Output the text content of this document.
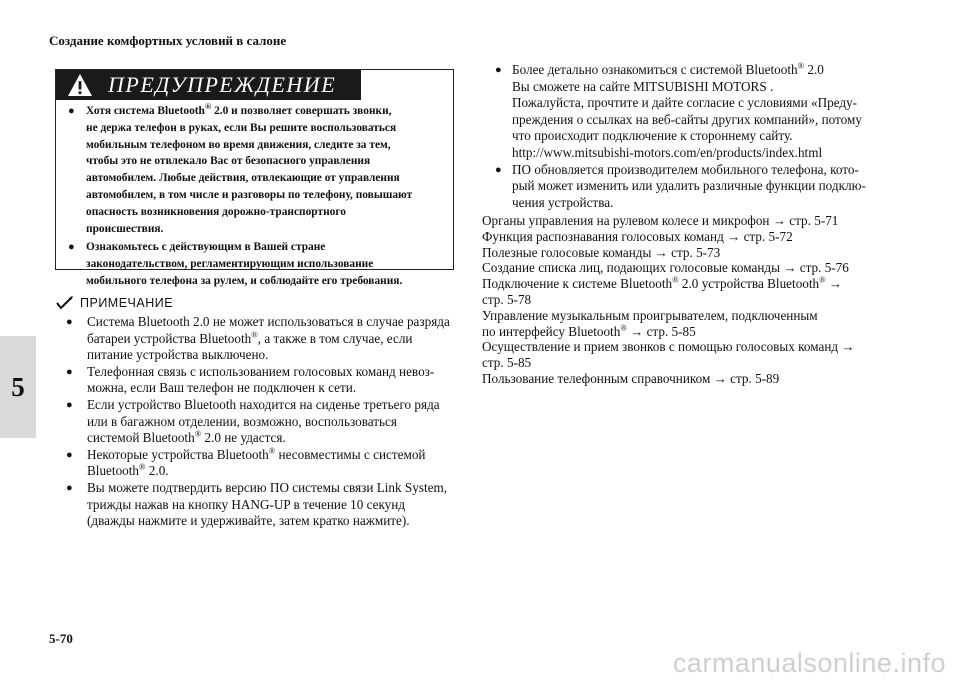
Создание комфортных условий в салоне
5
ПРЕДУПРЕЖДЕНИЕ
● Хотя система Bluetooth® 2.0 и позволяет совершать звонки,
не держа телефон в руках, если Вы решите воспользоваться
мобильным телефоном во время движения, следите за тем,
чтобы это не отвлекало Вас от безопасного управления
автомобилем. Любые действия, отвлекающие от управления
автомобилем, в том числе и разговоры по телефону, повышают
опасность возникновения дорожно-транспортного
происшествия.
● Ознакомьтесь с действующим в Вашей стране
законодательством, регламентирующим использование
мобильного телефона за рулем, и соблюдайте его требования.
ПРИМЕЧАНИЕ
● Система Bluetooth 2.0 не может использоваться в случае разряда
батареи устройства Bluetooth®, а также в том случае, если
питание устройства выключено.
● Телефонная связь с использованием голосовых команд невоз-
можна, если Ваш телефон не подключен к сети.
● Если устройство Bluetooth находится на сиденье третьего ряда
или в багажном отделении, возможно, воспользоваться
системой Bluetooth® 2.0 не удастся.
● Некоторые устройства Bluetooth® несовместимы с системой
Bluetooth® 2.0.
● Вы можете подтвердить версию ПО системы связи Link System,
трижды нажав на кнопку HANG-UP в течение 10 секунд
(дважды нажмите и удерживайте, затем кратко нажмите).
● Более детально ознакомиться с системой Bluetooth® 2.0
Вы сможете на сайте MITSUBISHI MOTORS .
Пожалуйста, прочтите и дайте согласие с условиями «Преду-
преждения о ссылках на веб-сайты других компаний», потому
что происходит подключение к стороннему сайту.
http://www.mitsubishi-motors.com/en/products/index.html
● ПО обновляется производителем мобильного телефона, кото-
рый может изменить или удалить различные функции подклю-
чения устройства.
Органы управления на рулевом колесе и микрофон → стр. 5-71
Функция распознавания голосовых команд → стр. 5-72
Полезные голосовые команды → стр. 5-73
Создание списка лиц, подающих голосовые команды → стр. 5-76
Подключение к системе Bluetooth® 2.0 устройства Bluetooth® →
стр. 5-78
Управление музыкальным проигрывателем, подключенным
по интерфейсу Bluetooth® → стр. 5-85
Осуществление и прием звонков с помощью голосовых команд →
стр. 5-85
Пользование телефонным справочником → стр. 5-89
5-70
carmanualsonline.info
